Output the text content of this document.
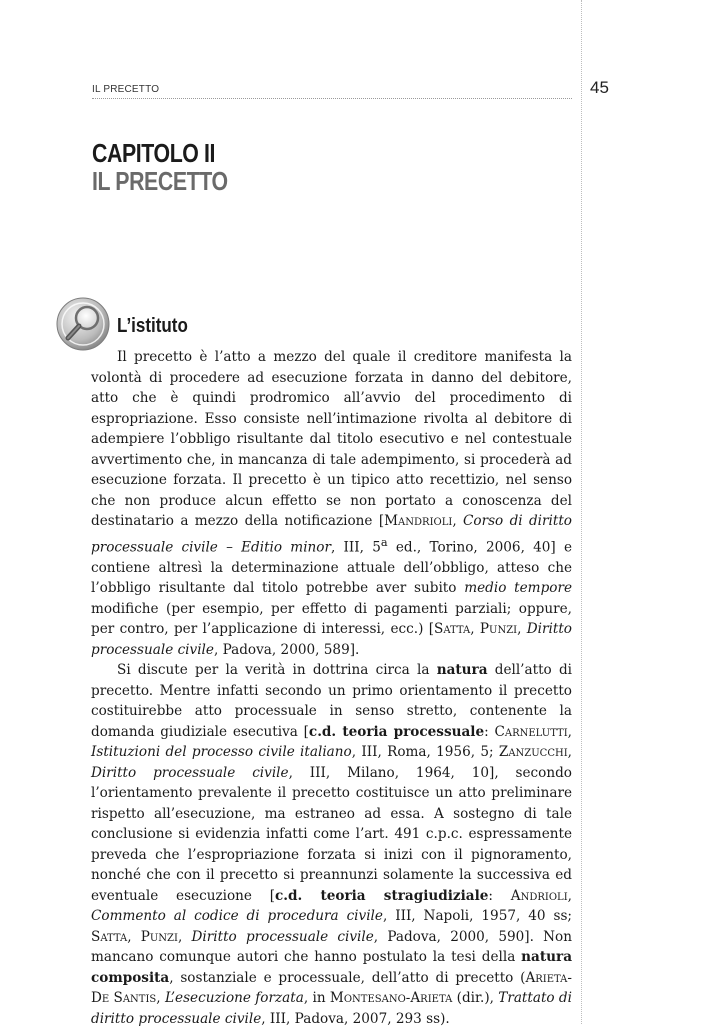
IL PRECETTO	45
CAPITOLO II
IL PRECETTO
L’istituto

Il precetto è l’atto a mezzo del quale il creditore manifesta la volontà di procedere ad esecuzione forzata in danno del debitore, atto che è quindi prodromico all’avvio del procedimento di espropriazione. Esso consiste nell’intimazione rivolta al debitore di adempiere l’obbligo risultante dal titolo esecutivo e nel contestuale avvertimento che, in mancanza di tale adempimento, si procederà ad esecuzione forzata. Il precetto è un tipico atto recettizio, nel senso che non produce alcun effetto se non portato a conoscenza del destinatario a mezzo della notificazione [Mandrioli, Corso di diritto processuale civile – Editio minor, III, 5$^a$ ed., Torino, 2006, 40] e contiene altresì la determinazione attuale dell’obbligo, atteso che l’obbligo risultante dal titolo potrebbe aver subito medio tempore modifiche (per esempio, per effetto di pagamenti parziali; oppure, per contro, per l’applicazione di interessi, ecc.) [Satta, Punzi, Diritto processuale civile, Padova, 2000, 589].

Si discute per la verità in dottrina circa la natura dell’atto di precetto. Mentre infatti secondo un primo orientamento il precetto costituirebbe atto processuale in senso stretto, contenente la domanda giudiziale esecutiva [c.d. teoria processuale: Carnelutti, Istituzioni del processo civile italiano, III, Roma, 1956, 5; Zanzucchi, Diritto processuale civile, III, Milano, 1964, 10], secondo l’orientamento prevalente il precetto costituisce un atto preliminare rispetto all’esecuzione, ma estraneo ad essa. A sostegno di tale conclusione si evidenzia infatti come l’art. 491 c.p.c. espressamente preveda che l’espropriazione forzata si inizi con il pignoramento, nonché che con il precetto si preannunzi solamente la successiva ed eventuale esecuzione [c.d. teoria stragiudiziale: Andrioli, Commento al codice di procedura civile, III, Napoli, 1957, 40 ss; Satta, Punzi, Diritto processuale civile, Padova, 2000, 590]. Non mancano comunque autori che hanno postulato la tesi della natura composita, sostanziale e processuale, dell’atto di precetto (Arieta-De Santis, L’esecuzione forzata, in Montesano-Arieta (dir.), Trattato di diritto processuale civile, III, Padova, 2007, 293 ss).
